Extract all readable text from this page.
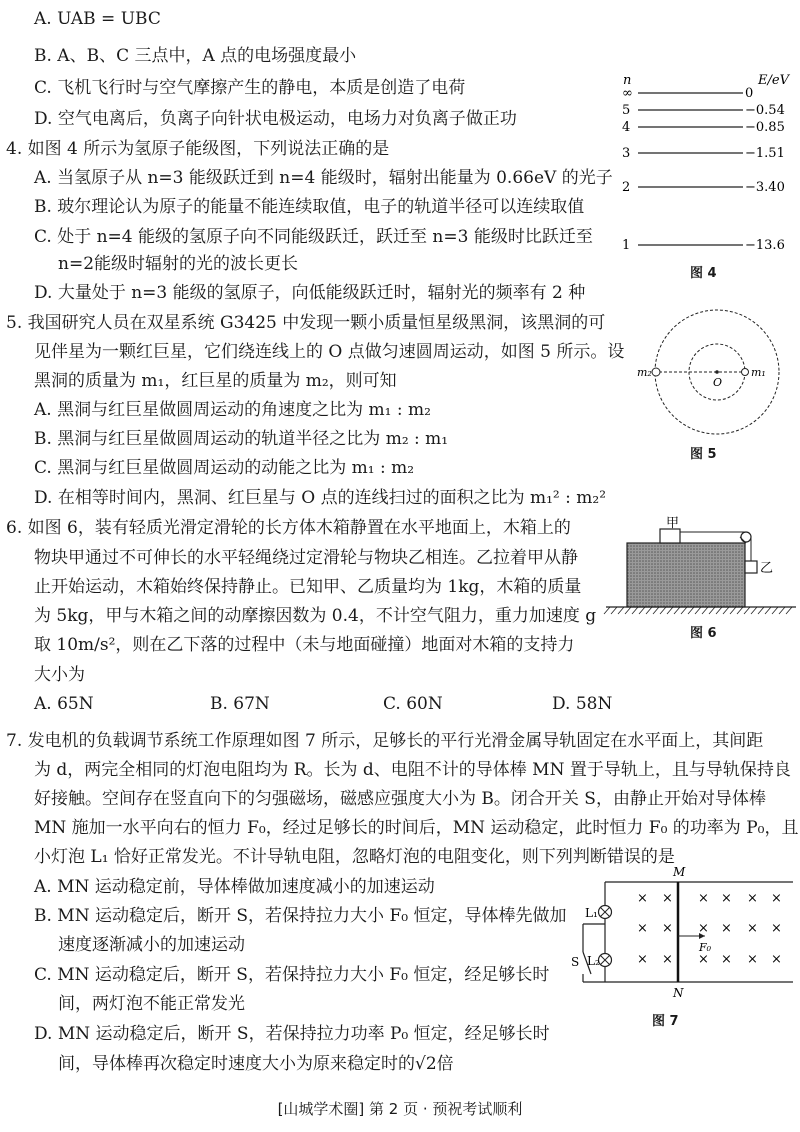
A. UAB = UBC
B. A、B、C 三点中，A 点的电场强度最小
C. 飞机飞行时与空气摩擦产生的静电，本质是创造了电荷
D. 空气电离后，负离子向针状电极运动，电场力对负离子做正功
4. 如图 4 所示为氢原子能级图，下列说法正确的是
A. 当氢原子从 n=3 能级跃迁到 n=4 能级时，辐射出能量为 0.66eV 的光子
B. 玻尔理论认为原子的能量不能连续取值，电子的轨道半径可以连续取值
C. 处于 n=4 能级的氢原子向不同能级跃迁，跃迁至 n=3 能级时比跃迁至
n=2能级时辐射的光的波长更长
D. 大量处于 n=3 能级的氢原子，向低能级跃迁时，辐射光的频率有 2 种
n	E/eV
∞	0
5	−0.54
4	−0.85
3	−1.51
2	−3.40
1	−13.6
图 4
5. 我国研究人员在双星系统 G3425 中发现一颗小质量恒星级黑洞，该黑洞的可
见伴星为一颗红巨星，它们绕连线上的 O 点做匀速圆周运动，如图 5 所示。设
黑洞的质量为 m₁，红巨星的质量为 m₂，则可知
A. 黑洞与红巨星做圆周运动的角速度之比为 m₁ : m₂
B. 黑洞与红巨星做圆周运动的轨道半径之比为 m₂ : m₁
C. 黑洞与红巨星做圆周运动的动能之比为 m₁ : m₂
D. 在相等时间内，黑洞、红巨星与 O 点的连线扫过的面积之比为 m₁² : m₂²
m₂
O
m₁
图 5
6. 如图 6，装有轻质光滑定滑轮的长方体木箱静置在水平地面上，木箱上的
物块甲通过不可伸长的水平轻绳绕过定滑轮与物块乙相连。乙拉着甲从静
止开始运动，木箱始终保持静止。已知甲、乙质量均为 1kg，木箱的质量
为 5kg，甲与木箱之间的动摩擦因数为 0.4，不计空气阻力，重力加速度 g
取 10m/s²，则在乙下落的过程中（未与地面碰撞）地面对木箱的支持力
大小为
A. 65N	B. 67N	C. 60N	D. 58N
甲
乙
图 6
7. 发电机的负载调节系统工作原理如图 7 所示，足够长的平行光滑金属导轨固定在水平面上，其间距
为 d，两完全相同的灯泡电阻均为 R。长为 d、电阻不计的导体棒 MN 置于导轨上，且与导轨保持良
好接触。空间存在竖直向下的匀强磁场，磁感应强度大小为 B。闭合开关 S，由静止开始对导体棒
MN 施加一水平向右的恒力 F₀，经过足够长的时间后，MN 运动稳定，此时恒力 F₀ 的功率为 P₀，且
小灯泡 L₁ 恰好正常发光。不计导轨电阻，忽略灯泡的电阻变化，则下列判断错误的是
A. MN 运动稳定前，导体棒做加速度减小的加速运动
B. MN 运动稳定后，断开 S，若保持拉力大小 F₀ 恒定，导体棒先做加
速度逐渐减小的加速运动
C. MN 运动稳定后，断开 S，若保持拉力大小 F₀ 恒定，经足够长时
间，两灯泡不能正常发光
D. MN 运动稳定后，断开 S，若保持拉力功率 P₀ 恒定，经足够长时
间，导体棒再次稳定时速度大小为原来稳定时的√2倍
M
N
L₁
L₂
S
F₀
× × × × × ×
× × × × × ×
× × × × × ×
图 7
[山城学术圈] 第 2 页 · 预祝考试顺利
